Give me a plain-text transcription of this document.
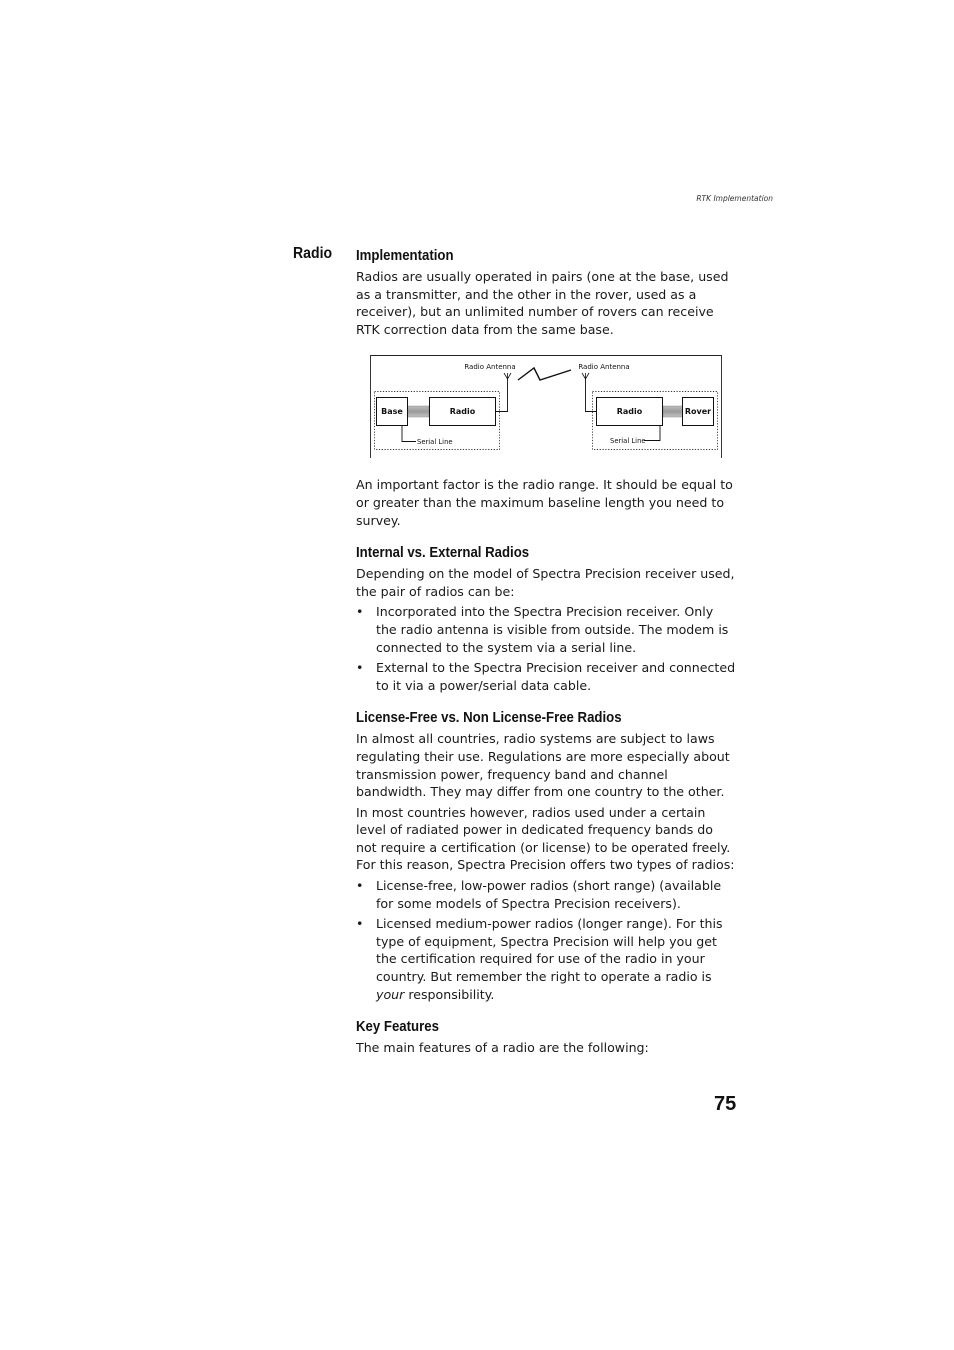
RTK Implementation
Radio Implementation

Radios are usually operated in pairs (one at the base, used as a transmitter, and the other in the rover, used as a receiver), but an unlimited number of rovers can receive RTK correction data from the same base.

Radio Antenna	Radio Antenna
Base	Radio	Radio	Rover
Serial Line	Serial Line

An important factor is the radio range. It should be equal to or greater than the maximum baseline length you need to survey.

Internal vs. External Radios

Depending on the model of Spectra Precision receiver used, the pair of radios can be:

• Incorporated into the Spectra Precision receiver. Only the radio antenna is visible from outside. The modem is connected to the system via a serial line.
• External to the Spectra Precision receiver and connected to it via a power/serial data cable.
License-Free vs. Non License-Free Radios

In almost all countries, radio systems are subject to laws regulating their use. Regulations are more especially about transmission power, frequency band and channel bandwidth. They may differ from one country to the other.

In most countries however, radios used under a certain level of radiated power in dedicated frequency bands do not require a certification (or license) to be operated freely. For this reason, Spectra Precision offers two types of radios:

• License-free, low-power radios (short range) (available for some models of Spectra Precision receivers).
• Licensed medium-power radios (longer range). For this type of equipment, Spectra Precision will help you get the certification required for use of the radio in your country. But remember the right to operate a radio is your responsibility.
Key Features

The main features of a radio are the following:

75
